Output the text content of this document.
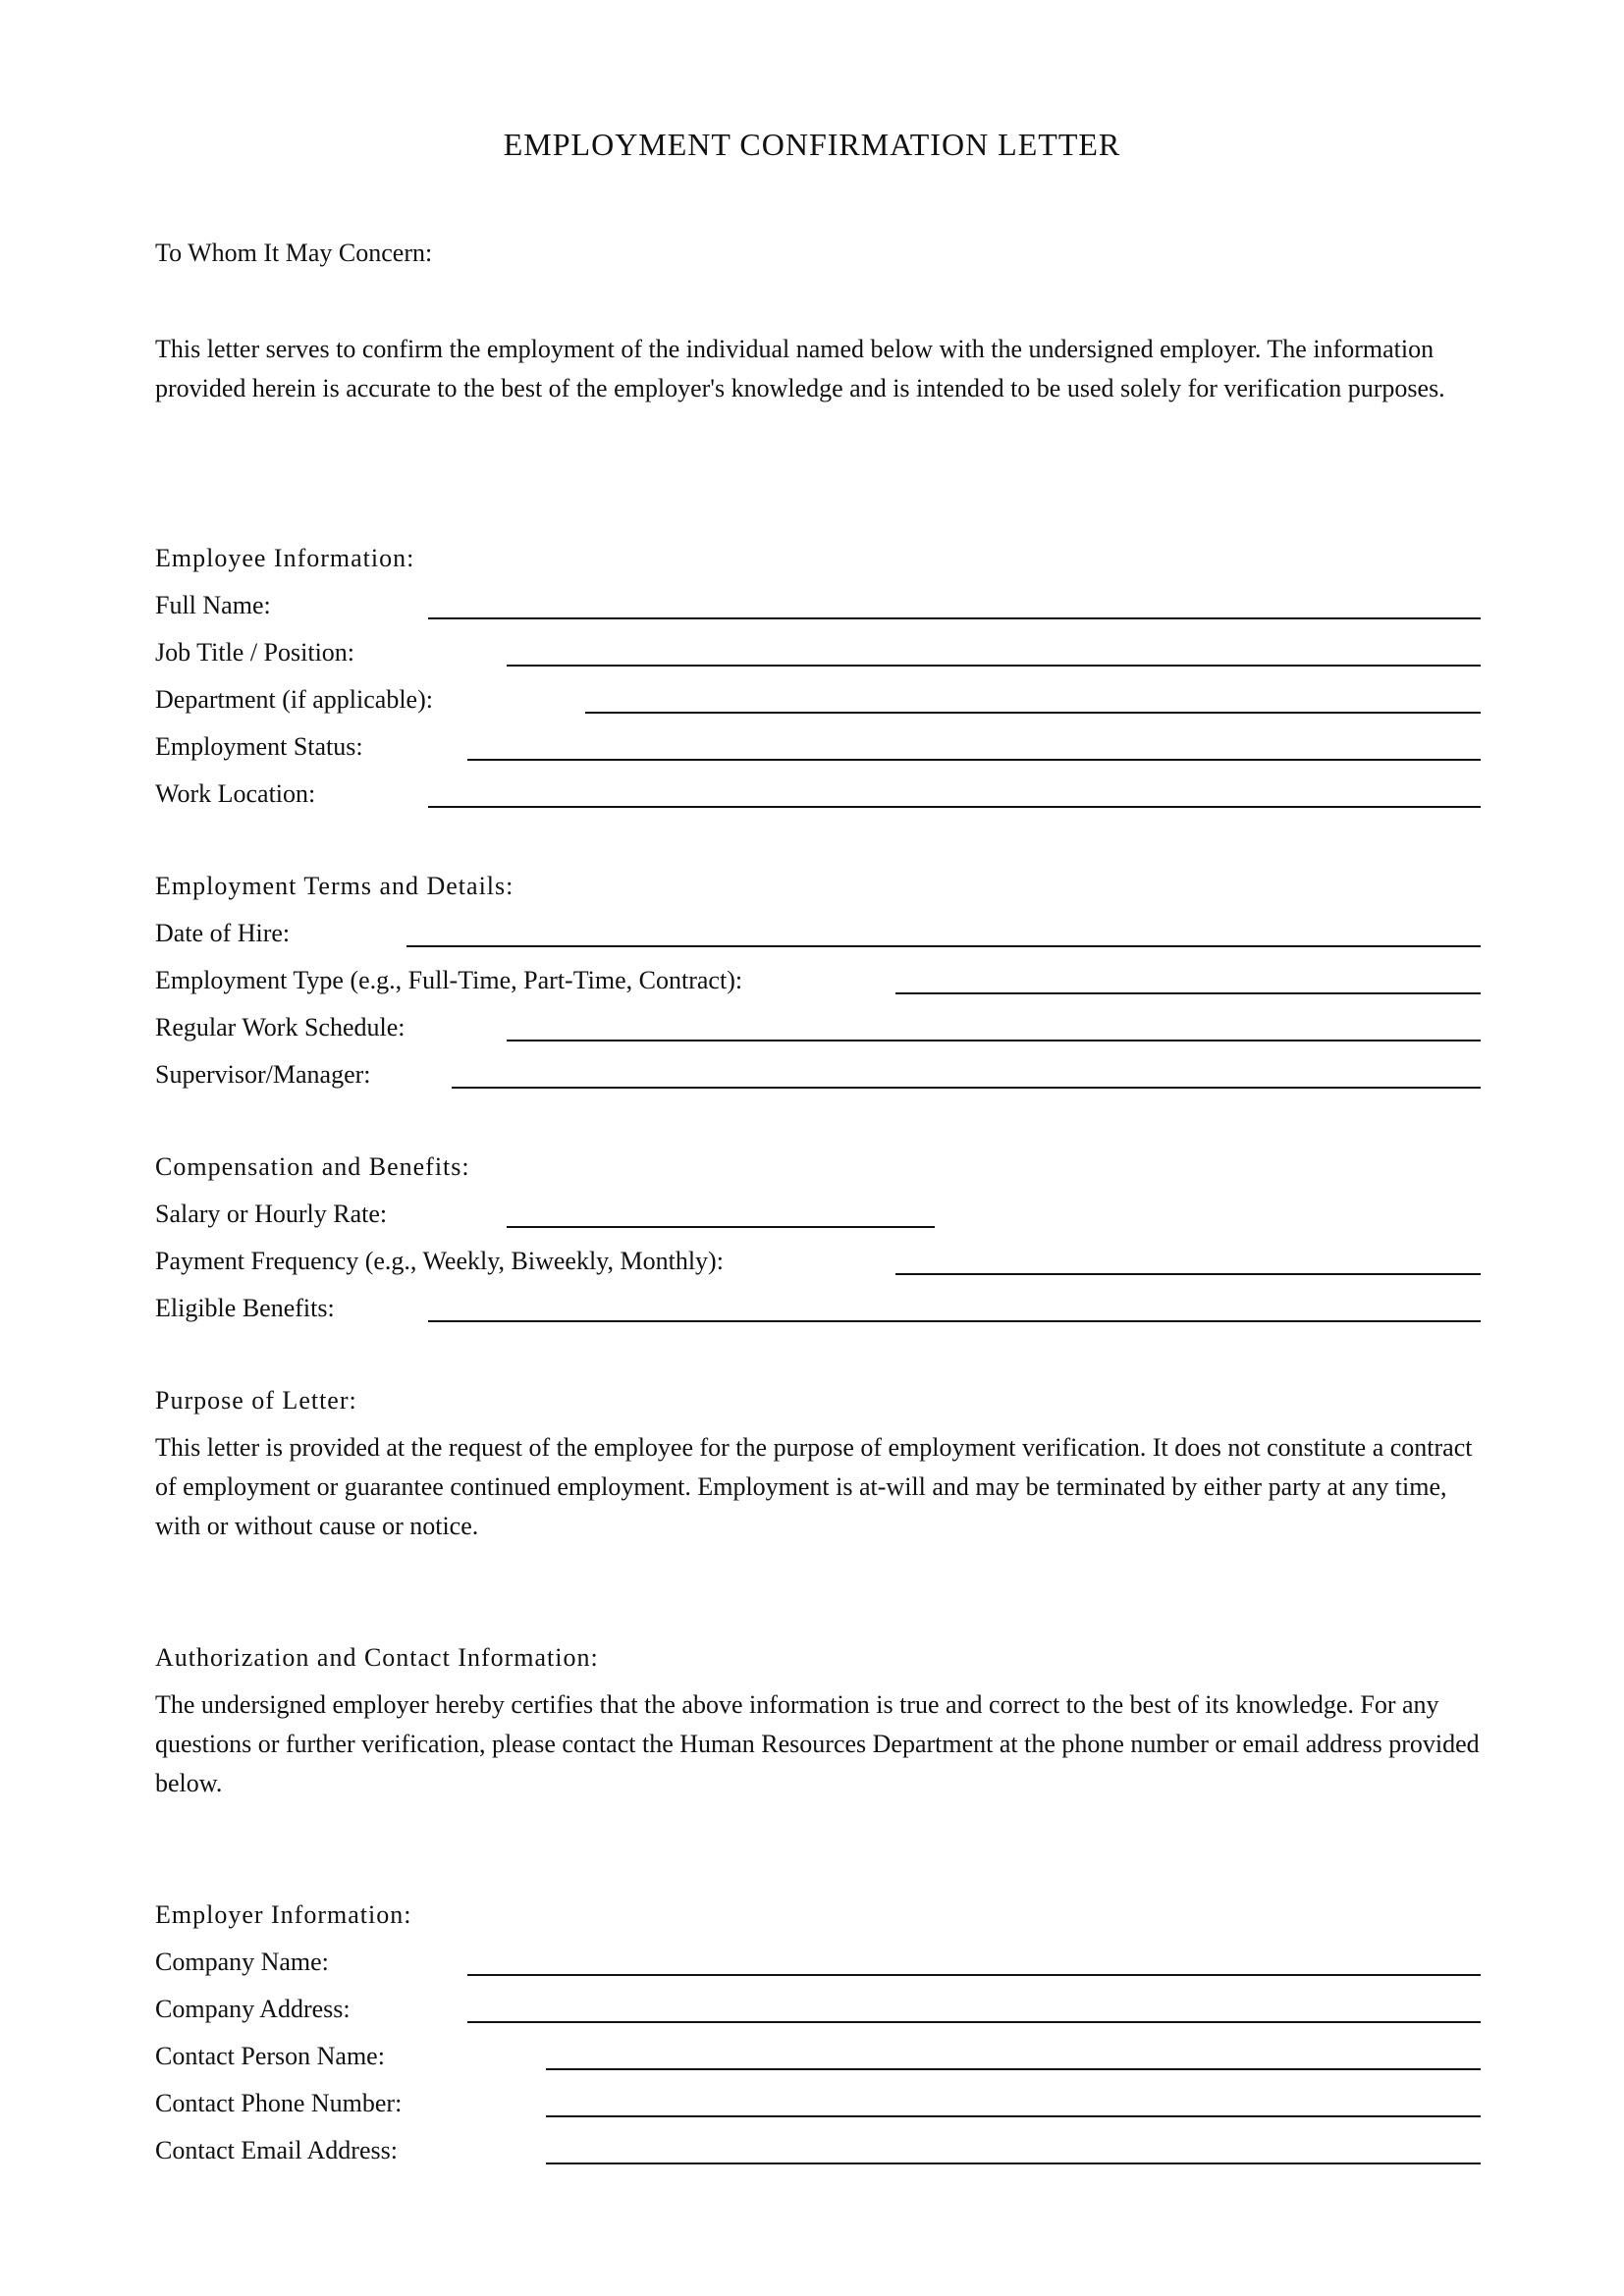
EMPLOYMENT CONFIRMATION LETTER
To Whom It May Concern:
This letter serves to confirm the employment of the individual named below with the undersigned employer. The information provided herein is accurate to the best of the employer's knowledge and is intended to be used solely for verification purposes.
Employee Information:
Full Name:
Job Title / Position:
Department (if applicable):
Employment Status:
Work Location:
Employment Terms and Details:
Date of Hire:
Employment Type (e.g., Full-Time, Part-Time, Contract):
Regular Work Schedule:
Supervisor/Manager:
Compensation and Benefits:
Salary or Hourly Rate:
Payment Frequency (e.g., Weekly, Biweekly, Monthly):
Eligible Benefits:
Purpose of Letter:
This letter is provided at the request of the employee for the purpose of employment verification. It does not constitute a contract of employment or guarantee continued employment. Employment is at-will and may be terminated by either party at any time, with or without cause or notice.
Authorization and Contact Information:
The undersigned employer hereby certifies that the above information is true and correct to the best of its knowledge. For any questions or further verification, please contact the Human Resources Department at the phone number or email address provided below.
Employer Information:
Company Name:
Company Address:
Contact Person Name:
Contact Phone Number:
Contact Email Address:
